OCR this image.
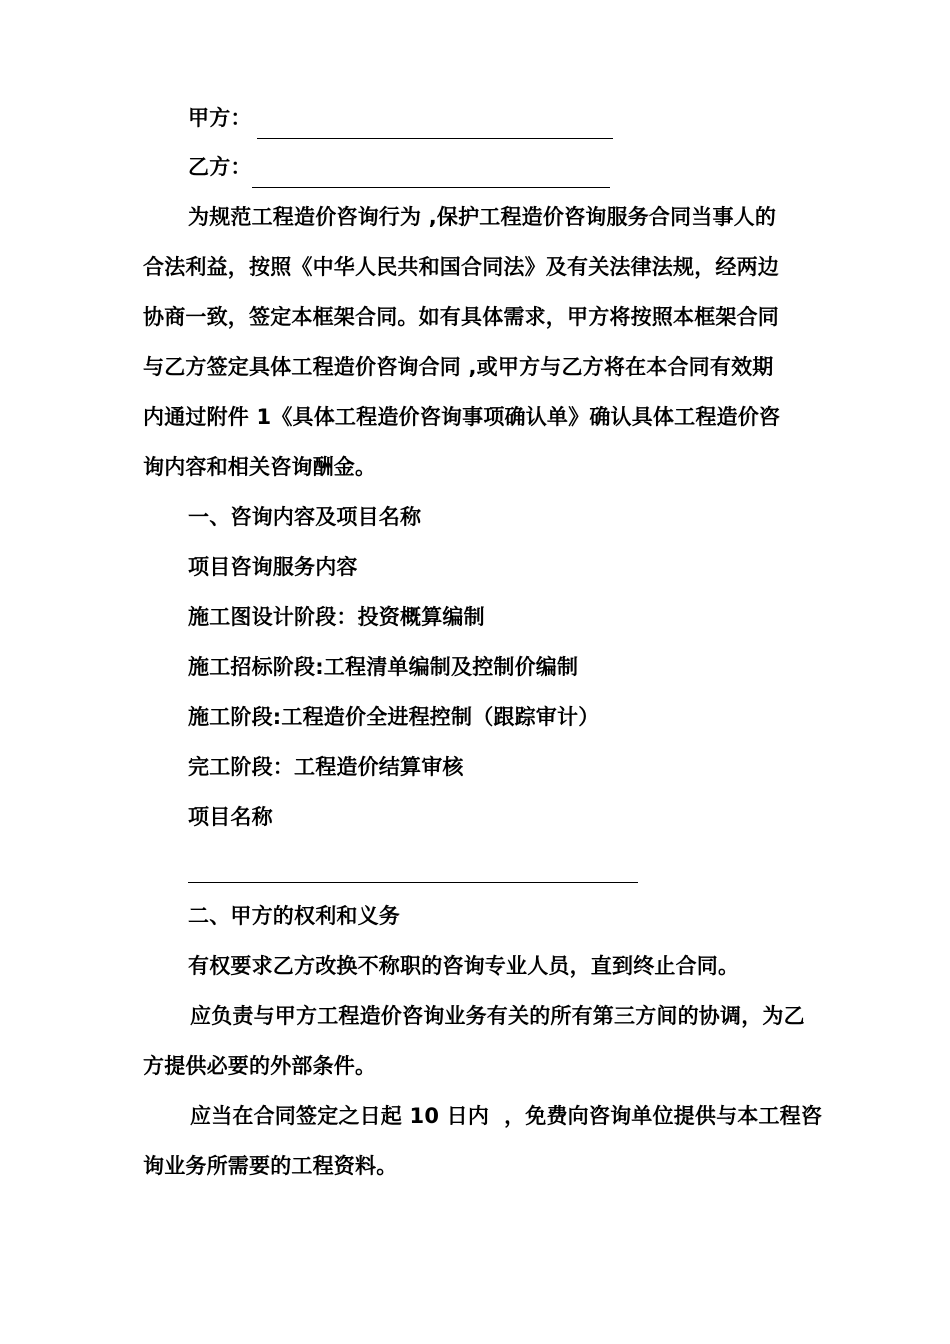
甲方：
乙方：
为规范工程造价咨询行为 ,保护工程造价咨询服务合同当事人的
合法利益，按照《中华人民共和国合同法》及有关法律法规，经两边
协商一致，签定本框架合同。如有具体需求，甲方将按照本框架合同
与乙方签定具体工程造价咨询合同 ,或甲方与乙方将在本合同有效期
内通过附件 1《具体工程造价咨询事项确认单》确认具体工程造价咨
询内容和相关咨询酬金。
一、咨询内容及项目名称
项目咨询服务内容
施工图设计阶段：投资概算编制
施工招标阶段:工程清单编制及控制价编制
施工阶段:工程造价全进程控制（跟踪审计）
完工阶段：工程造价结算审核
项目名称
二、甲方的权利和义务
有权要求乙方改换不称职的咨询专业人员，直到终止合同。
应负责与甲方工程造价咨询业务有关的所有第三方间的协调，为乙
方提供必要的外部条件。
应当在合同签定之日起 10 日内  ，免费向咨询单位提供与本工程咨
询业务所需要的工程资料。
